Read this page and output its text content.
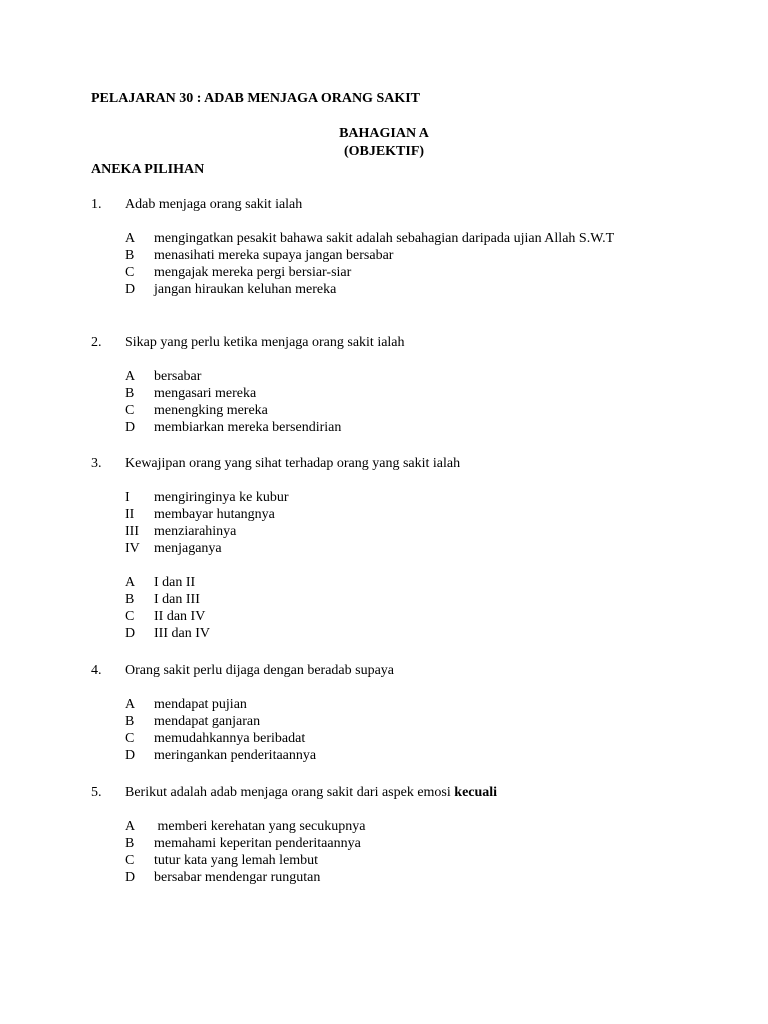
PELAJARAN 30 : ADAB MENJAGA ORANG SAKIT
BAHAGIAN A
(OBJEKTIF)
ANEKA PILIHAN
1.	Adab menjaga orang sakit ialah
A	mengingatkan pesakit bahawa sakit adalah sebahagian daripada ujian Allah S.W.T
B	menasihati mereka supaya jangan bersabar
C	mengajak mereka pergi bersiar-siar
D	jangan hiraukan keluhan mereka
2.	Sikap yang perlu ketika menjaga orang sakit ialah
A	bersabar
B	mengasari mereka
C	menengking mereka
D	membiarkan mereka bersendirian
3.	Kewajipan orang yang sihat terhadap orang yang sakit ialah
I	mengiringinya ke kubur
II	membayar hutangnya
III	menziarahinya
IV	menjaganya
A	I dan II
B	I dan III
C	II dan IV
D	III dan IV
4.	Orang sakit perlu dijaga dengan beradab supaya
A	mendapat pujian
B	mendapat ganjaran
C	memudahkannya beribadat
D	meringankan penderitaannya
5.	Berikut adalah adab menjaga orang sakit dari aspek emosi kecuali
A	memberi kerehatan yang secukupnya
B	memahami keperitan penderitaannya
C	tutur kata yang lemah lembut
D	bersabar mendengar rungutan
